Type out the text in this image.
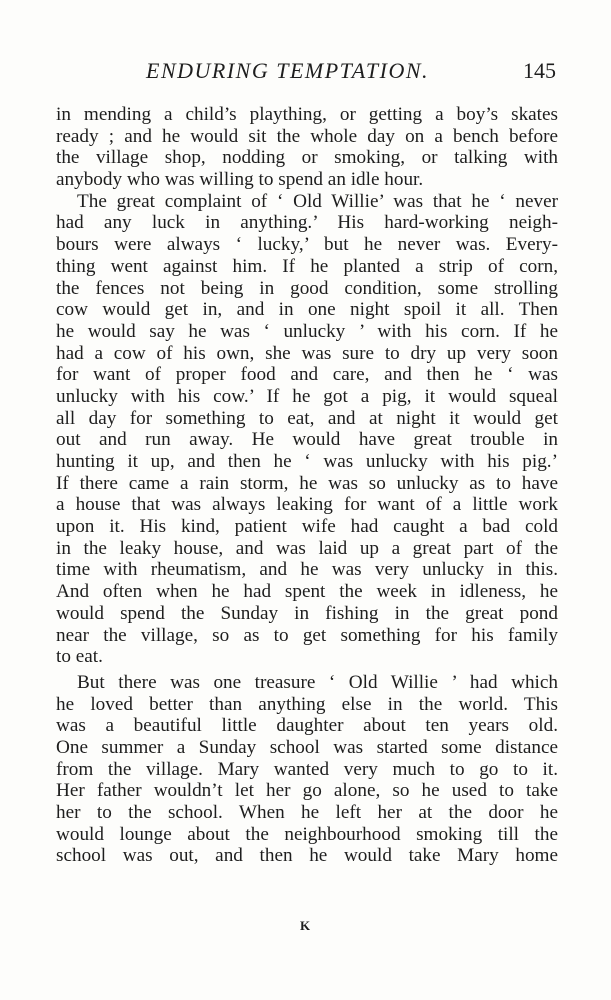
ENDURING TEMPTATION.	145
in mending a child’s plaything, or getting a boy’s skates
ready ; and he would sit the whole day on a bench before
the village shop, nodding or smoking, or talking with
anybody who was willing to spend an idle hour.
The great complaint of ‘ Old Willie’ was that he ‘ never
had any luck in anything.’ His hard-working neigh-
bours were always ‘ lucky,’ but he never was. Every-
thing went against him. If he planted a strip of corn,
the fences not being in good condition, some strolling
cow would get in, and in one night spoil it all. Then
he would say he was ‘ unlucky ’ with his corn. If he
had a cow of his own, she was sure to dry up very soon
for want of proper food and care, and then he ‘ was
unlucky with his cow.’ If he got a pig, it would squeal
all day for something to eat, and at night it would get
out and run away. He would have great trouble in
hunting it up, and then he ‘ was unlucky with his pig.’
If there came a rain storm, he was so unlucky as to have
a house that was always leaking for want of a little work
upon it. His kind, patient wife had caught a bad cold
in the leaky house, and was laid up a great part of the
time with rheumatism, and he was very unlucky in this.
And often when he had spent the week in idleness, he
would spend the Sunday in fishing in the great pond
near the village, so as to get something for his family
to eat.
But there was one treasure ‘ Old Willie ’ had which
he loved better than anything else in the world. This
was a beautiful little daughter about ten years old.
One summer a Sunday school was started some distance
from the village. Mary wanted very much to go to it.
Her father wouldn’t let her go alone, so he used to take
her to the school. When he left her at the door he
would lounge about the neighbourhood smoking till the
school was out, and then he would take Mary home
K
